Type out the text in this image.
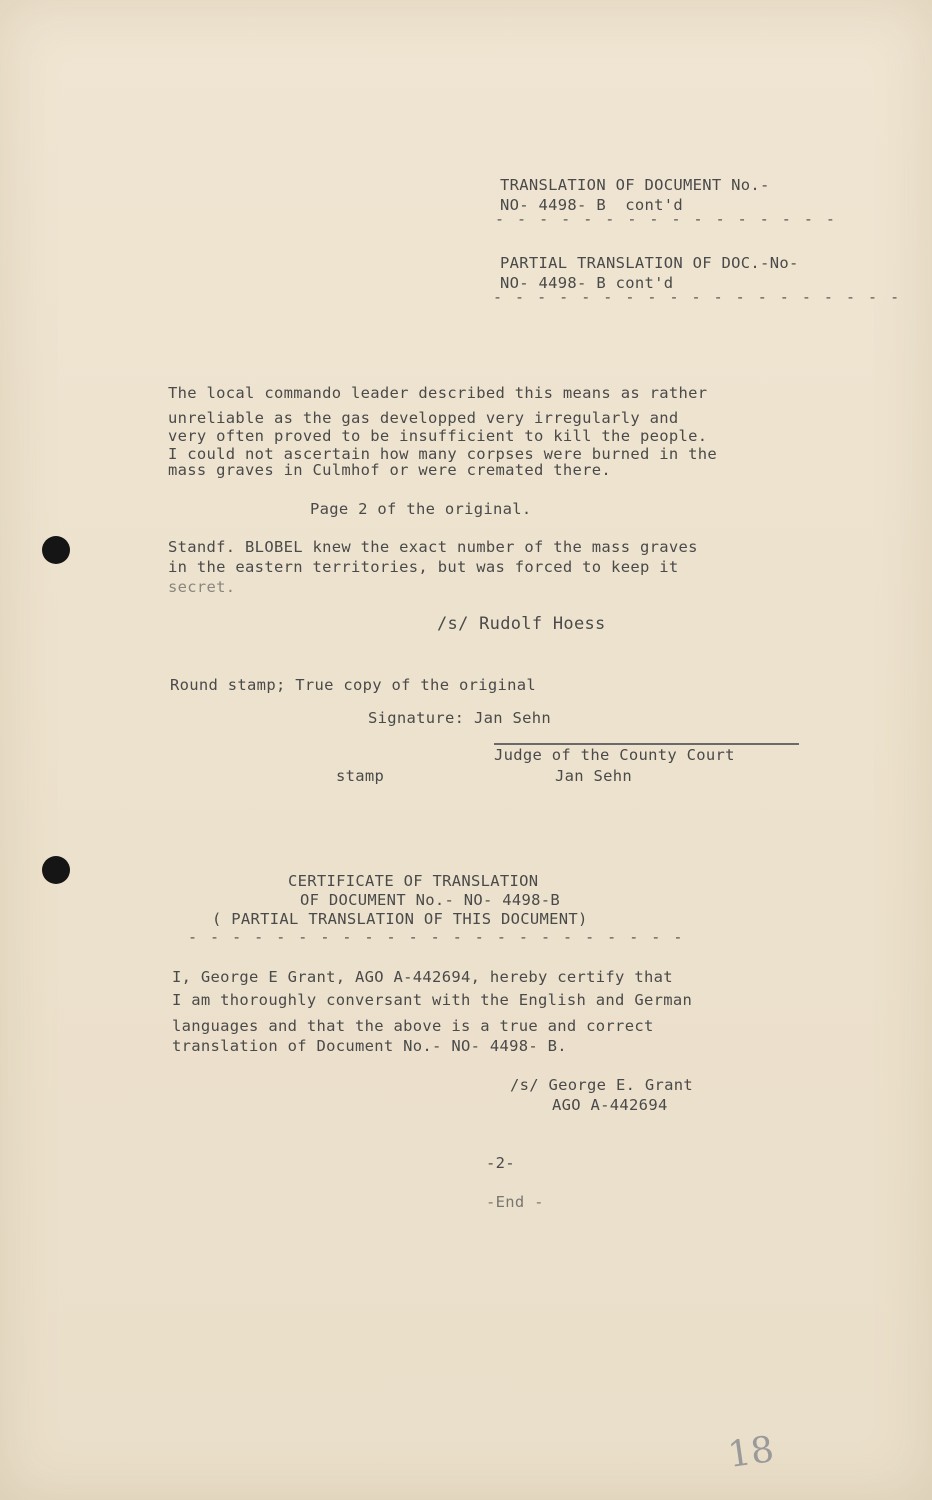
TRANSLATION OF DOCUMENT No.-
NO- 4498- B  cont'd
- - - - - - - - - - - - - - - -
PARTIAL TRANSLATION OF DOC.-No-
NO- 4498- B cont'd
- - - - - - - - - - - - - - - - - - -
The local commando leader described this means as rather
unreliable as the gas developped very irregularly and
very often proved to be insufficient to kill the people.
I could not ascertain how many corpses were burned in the
mass graves in Culmhof or were cremated there.
Page 2 of the original.
Standf. BLOBEL knew the exact number of the mass graves
in the eastern territories, but was forced to keep it
secret.
/s/ Rudolf Hoess
Round stamp; True copy of the original
Signature: Jan Sehn
Judge of the County Court
stamp	Jan Sehn
CERTIFICATE OF TRANSLATION
OF DOCUMENT No.- NO- 4498-B
( PARTIAL TRANSLATION OF THIS DOCUMENT)
- - - - - - - - - - - - - - - - - - - - - - -
I, George E Grant, AGO A-442694, hereby certify that
I am thoroughly conversant with the English and German
languages and that the above is a true and correct
translation of Document No.- NO- 4498- B.
/s/ George E. Grant
AGO A-442694
-2-
-End -
18
